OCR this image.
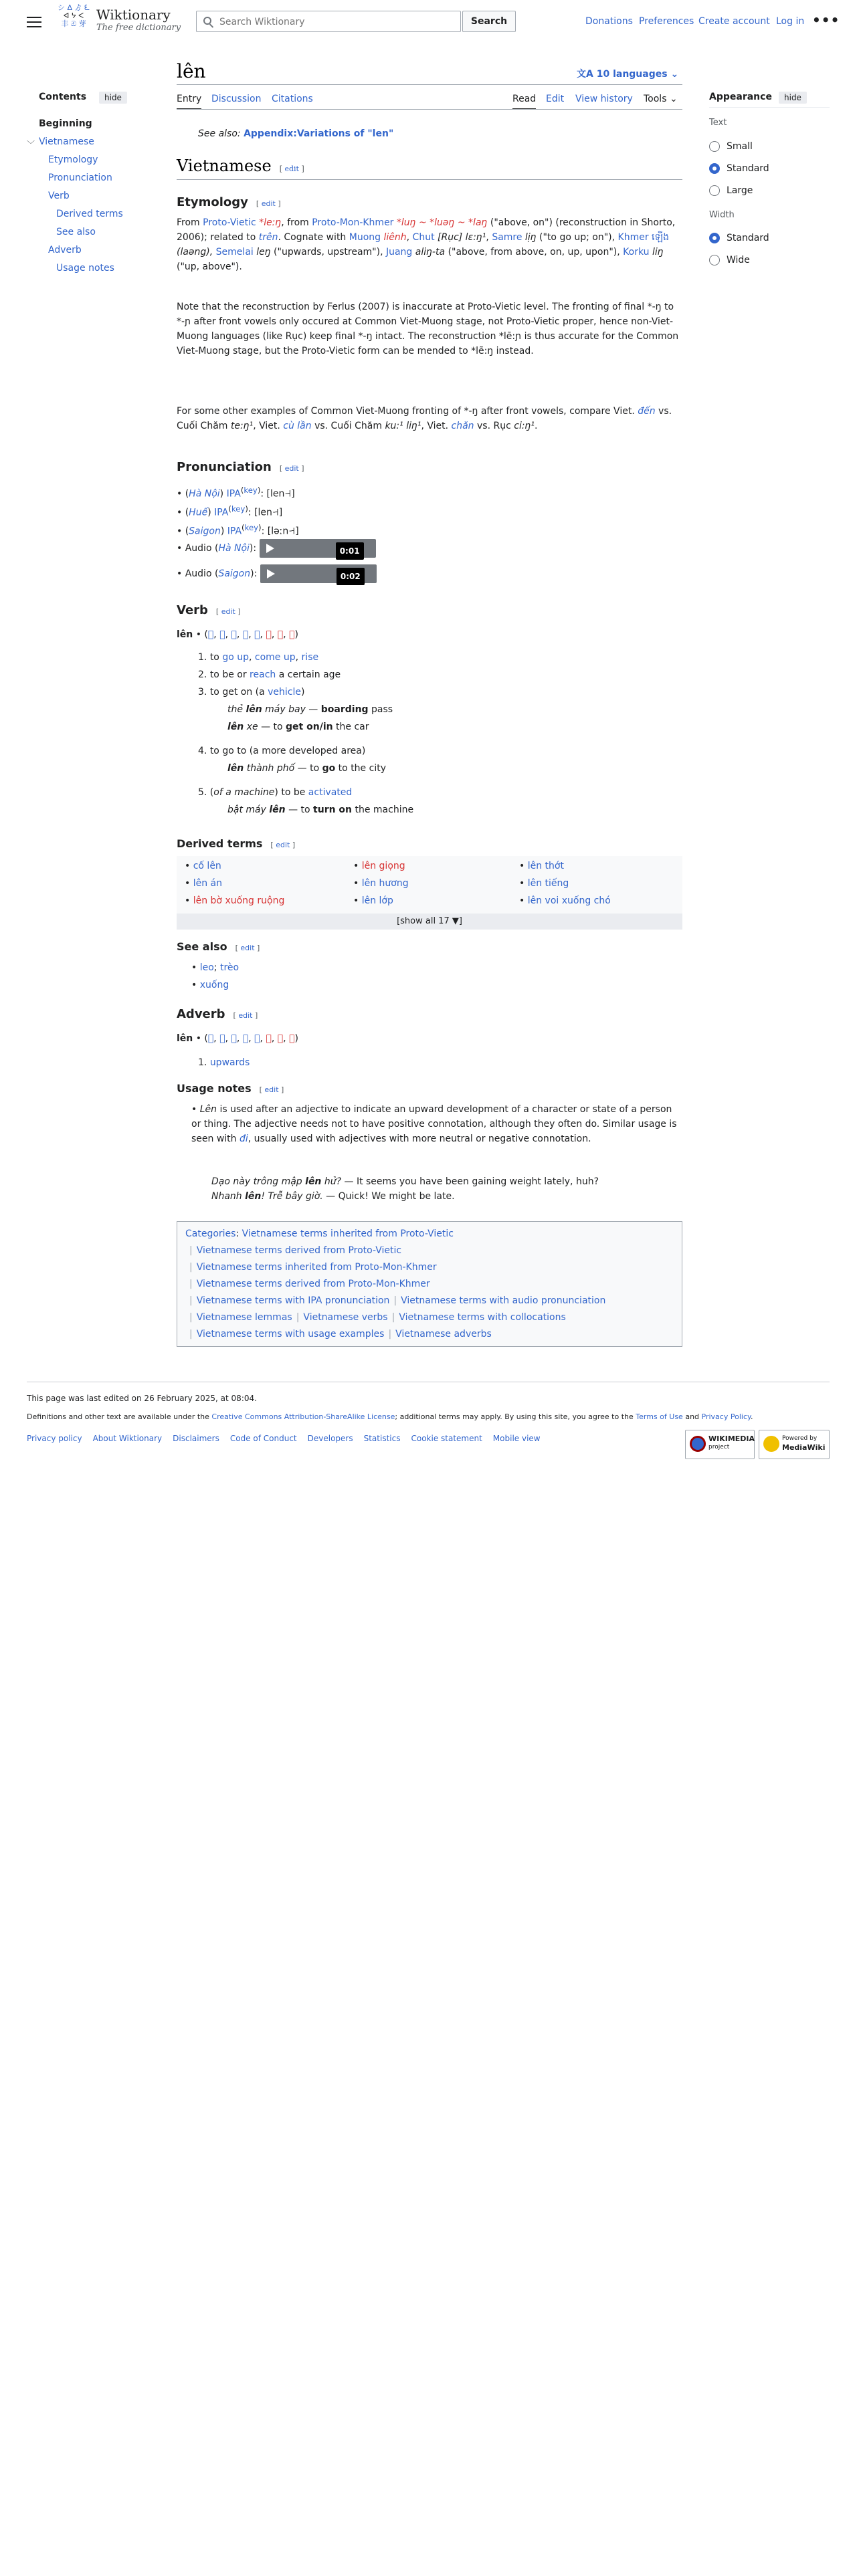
シ ᐃ ゟ ᘍ
ᐊ ᔭ ᐸ
丰 ඔ 芽
Wiktionary
The free dictionary
Search Wiktionary
Search	Donations Preferences Create account Log in •••
Contents	hide
Beginning
﹀ Vietnamese
Etymology
Pronunciation
Verb
Derived terms
See also
Adverb
Usage notes
lên	文A 10 languages ⌄
Entry Discussion Citations	Read Edit View history Tools ⌄
See also: Appendix:Variations of "len"
Vietnamese [ edit ]
Etymology [ edit ]
From Proto-Vietic *leːŋ, from Proto-Mon-Khmer *luŋ ~ *luəŋ ~ *laŋ ("above, on") (reconstruction in Shorto, 2006); related to trên. Cognate with Muong liênh, Chut [Rục] lɛ:ŋ¹, Samre lịŋ ("to go up; on"), Khmer ឡើង (laəng), Semelai leŋ ("upwards, upstream"), Juang aliŋ-ta ("above, from above, on, up, upon"), Korku liŋ ("up, above").
Note that the reconstruction by Ferlus (2007) is inaccurate at Proto-Vietic level. The fronting of final *-ŋ to *-ɲ after front vowels only occured at Common Viet-Muong stage, not Proto-Vietic proper, hence non-Viet-Muong languages (like Rục) keep final *-ŋ intact. The reconstruction *lẽ:ɲ is thus accurate for the Common Viet-Muong stage, but the Proto-Vietic form can be mended to *lẽ:ŋ instead.
For some other examples of Common Viet-Muong fronting of *-ŋ after front vowels, compare Viet. đến vs. Cuối Chăm te:ŋ¹, Viet. cù lần vs. Cuối Chăm ku:¹ liŋ¹, Viet. chăn vs. Rục ci:ŋ¹.
Pronunciation [ edit ]
• (Hà Nội) $IPA^{(key)}$: [len˧˧]
• (Huế) $IPA^{(key)}$: [len˧˧]
• (Saigon) $IPA^{(key)}$: [ləːn˧˧]
• Audio (Hà Nội):	0:01
• Audio (Saigon):	0:02
Verb [ edit ]
lên • (𨖲, 䢆, 𨖲, 𨖲, 𨑗, 𨑜, 𨑳, 𨖲)
1. to go up, come up, rise
2. to be or reach a certain age
3. to get on (a vehicle)
thẻ lên máy bay — boarding pass
lên xe — to get on/in the car
4. to go to (a more developed area)
lên thành phố — to go to the city
5. (of a machine) to be activated
bật máy lên — to turn on the machine
Derived terms [ edit ]
• cố lên
• lên án
• lên bờ xuống ruộng
• lên giọng
• lên hương
• lên lớp
• lên thớt
• lên tiếng
• lên voi xuống chó
[show all 17 ▼]
See also [ edit ]
• leo; trèo
• xuống
Adverb [ edit ]
lên • (𨖲, 䢆, 𨖲, 𨖲, 𨑗, 𨑜, 𨑳, 𨖲)
1. upwards
Usage notes [ edit ]
• Lên is used after an adjective to indicate an upward development of a character or state of a person or thing. The adjective needs not to have positive connotation, although they often do. Similar usage is seen with đi, usually used with adjectives with more neutral or negative connotation.
Dạo này trông mập lên hử? — It seems you have been gaining weight lately, huh?
Nhanh lên! Trễ bây giờ. — Quick! We might be late.
Categories: Vietnamese terms inherited from Proto-Vietic
| Vietnamese terms derived from Proto-Vietic
| Vietnamese terms inherited from Proto-Mon-Khmer
| Vietnamese terms derived from Proto-Mon-Khmer
| Vietnamese terms with IPA pronunciation | Vietnamese terms with audio pronunciation
| Vietnamese lemmas | Vietnamese verbs | Vietnamese terms with collocations
| Vietnamese terms with usage examples | Vietnamese adverbs
Appearance	hide
Text
Small
Standard
Large
Width
Standard
Wide
This page was last edited on 26 February 2025, at 08:04.
Definitions and other text are available under the Creative Commons Attribution-ShareAlike License; additional terms may apply. By using this site, you agree to the Terms of Use and Privacy Policy.
Privacy policy About Wiktionary Disclaimers Code of Conduct Developers Statistics Cookie statement Mobile view	WIKIMEDIA
project
Powered by
MediaWiki
